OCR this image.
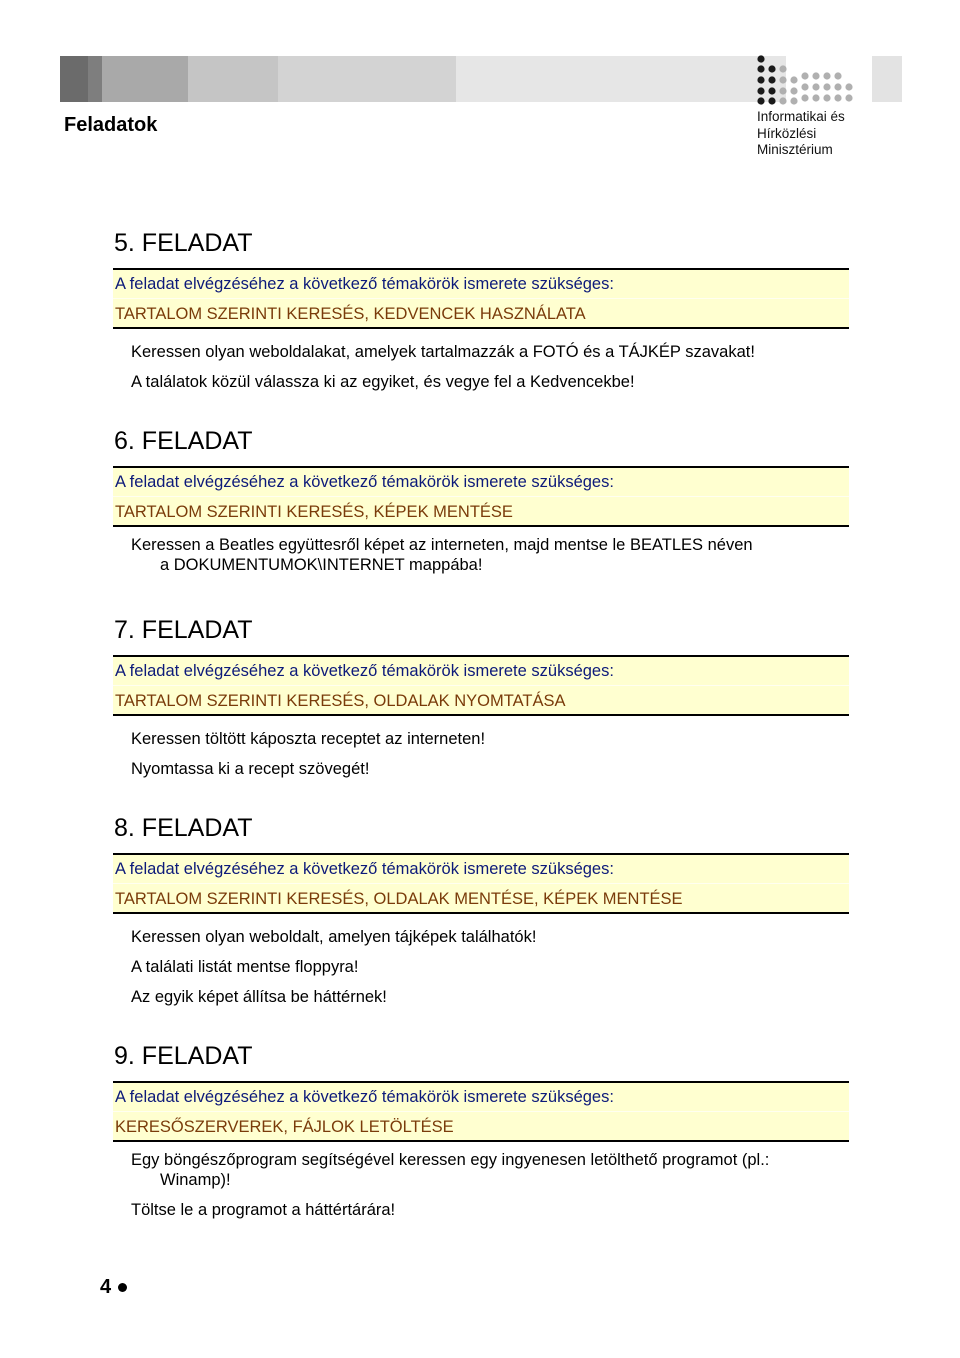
Feladatok	Informatikai és
Hírközlési
Minisztérium
5. FELADAT
A feladat elvégzéséhez a következő témakörök ismerete szükséges:
TARTALOM SZERINTI KERESÉS, KEDVENCEK HASZNÁLATA
Keressen olyan weboldalakat, amelyek tartalmazzák a FOTÓ és a TÁJKÉP szavakat!
A találatok közül válassza ki az egyiket, és vegye fel a Kedvencekbe!
6. FELADAT
A feladat elvégzéséhez a következő témakörök ismerete szükséges:
TARTALOM SZERINTI KERESÉS, KÉPEK MENTÉSE
Keressen a Beatles együttesről képet az interneten, majd mentse le BEATLES néven
a DOKUMENTUMOK\INTERNET mappába!
7. FELADAT
A feladat elvégzéséhez a következő témakörök ismerete szükséges:
TARTALOM SZERINTI KERESÉS, OLDALAK NYOMTATÁSA
Keressen töltött káposzta receptet az interneten!
Nyomtassa ki a recept szövegét!
8. FELADAT
A feladat elvégzéséhez a következő témakörök ismerete szükséges:
TARTALOM SZERINTI KERESÉS, OLDALAK MENTÉSE, KÉPEK MENTÉSE
Keressen olyan weboldalt, amelyen tájképek találhatók!
A találati listát mentse floppyra!
Az egyik képet állítsa be háttérnek!
9. FELADAT
A feladat elvégzéséhez a következő témakörök ismerete szükséges:
KERESŐSZERVEREK, FÁJLOK LETÖLTÉSE
Egy böngészőprogram segítségével keressen egy ingyenesen letölthető programot (pl.:
Winamp)!
Töltse le a programot a háttértárára!
4
